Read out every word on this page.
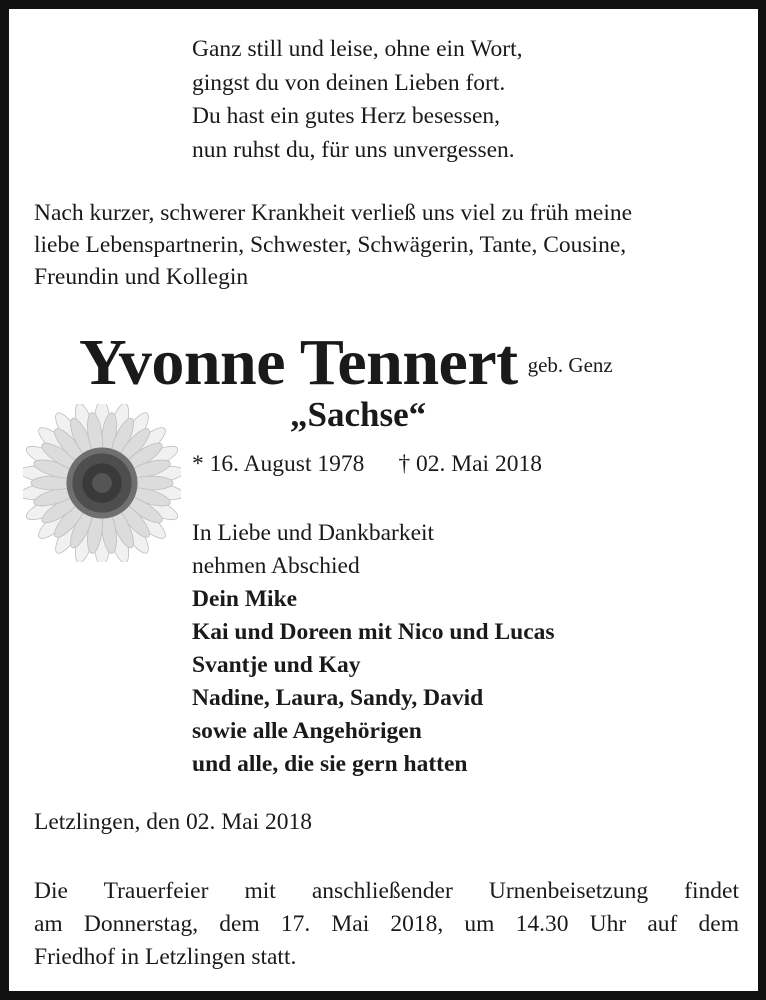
Ganz still und leise, ohne ein Wort,
gingst du von deinen Lieben fort.
Du hast ein gutes Herz besessen,
nun ruhst du, für uns unvergessen.
Nach kurzer, schwerer Krankheit verließ uns viel zu früh meine
liebe Lebenspartnerin, Schwester, Schwägerin, Tante, Cousine,
Freundin und Kollegin
Yvonne Tennert geb. Genz
„Sachse“
* 16. August 1978 † 02. Mai 2018
In Liebe und Dankbarkeit
nehmen Abschied
Dein Mike
Kai und Doreen mit Nico und Lucas
Svantje und Kay
Nadine, Laura, Sandy, David
sowie alle Angehörigen
und alle, die sie gern hatten
Letzlingen, den 02. Mai 2018
Die Trauerfeier mit anschließender Urnenbeisetzung findet
am Donnerstag, dem 17. Mai 2018, um 14.30 Uhr auf dem
Friedhof in Letzlingen statt.
